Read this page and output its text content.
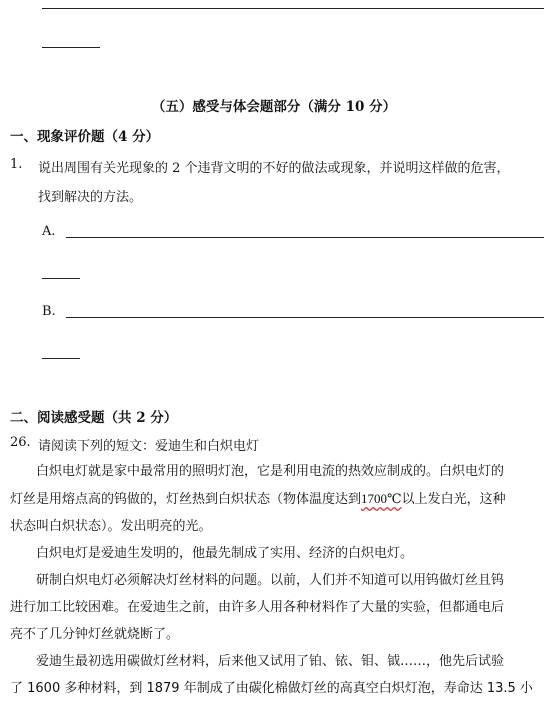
（五）感受与体会题部分（满分 10 分）
一、现象评价题（4 分）
1. 说出周围有关光现象的 2 个违背文明的不好的做法或现象，并说明这样做的危害，
找到解决的方法。
A.
B.
二、阅读感受题（共 2 分）
26. 请阅读下列的短文：爱迪生和白炽电灯

白炽电灯就是家中最常用的照明灯泡，它是利用电流的热效应制成的。白炽电灯的

灯丝是用熔点高的钨做的，灯丝热到白炽状态（物体温度达到1700℃以上发白光，这种

状态叫白炽状态）。发出明亮的光。

白炽电灯是爱迪生发明的，他最先制成了实用、经济的白炽电灯。

研制白炽电灯必须解决灯丝材料的问题。以前，人们并不知道可以用钨做灯丝且钨

进行加工比较困难。在爱迪生之前，由许多人用各种材料作了大量的实验，但都通电后

亮不了几分钟灯丝就烧断了。

爱迪生最初选用碳做灯丝材料，后来他又试用了铂、铱、钼、钺……，他先后试验

了 1600 多种材料，到 1879 年制成了由碳化棉做灯丝的高真空白炽灯泡，寿命达 13.5 小
